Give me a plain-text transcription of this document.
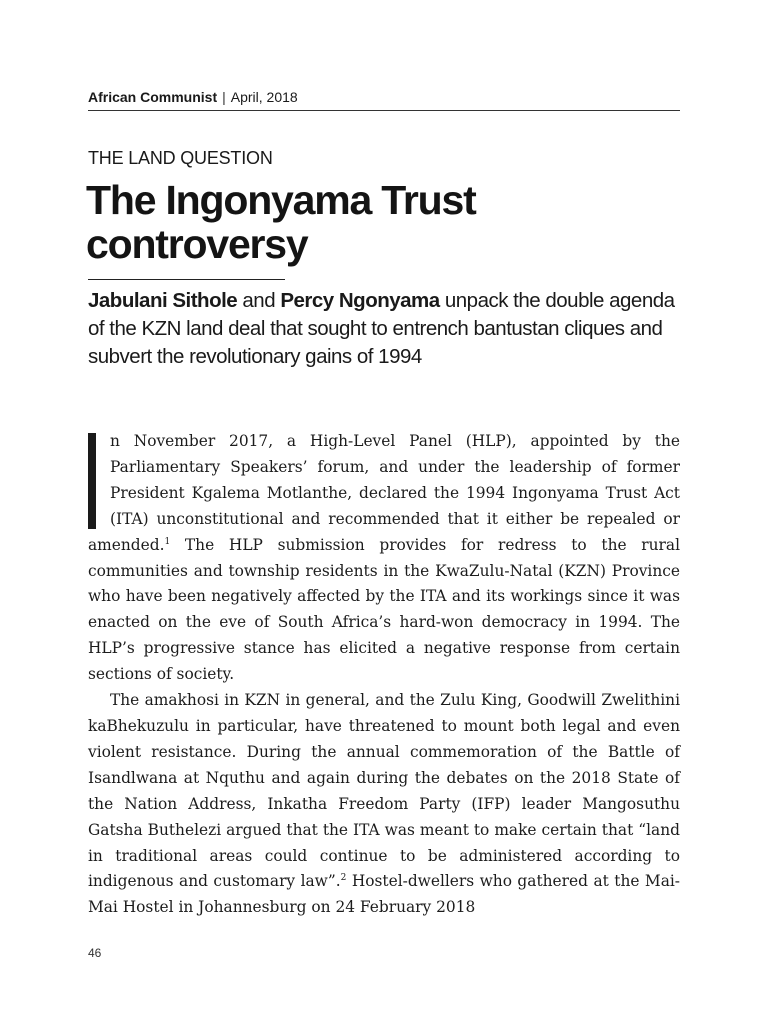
African Communist | April, 2018
THE LAND QUESTION
The Ingonyama Trust controversy
Jabulani Sithole and Percy Ngonyama unpack the double agenda of the KZN land deal that sought to entrench bantustan cliques and subvert the revolutionary gains of 1994

n November 2017, a High-Level Panel (HLP), appointed by the Parliamentary Speakers’ forum, and under the leadership of former President Kgalema Motlanthe, declared the 1994 Ingonyama Trust Act (ITA) unconstitutional and recommended that it either be repealed or amended.$^1$ The HLP submission provides for redress to the rural communities and township residents in the KwaZulu-Natal (KZN) Province who have been negatively affected by the ITA and its workings since it was enacted on the eve of South Africa’s hard-won democracy in 1994. The HLP’s progressive stance has elicited a negative response from certain sections of society.

The amakhosi in KZN in general, and the Zulu King, Goodwill Zwelithini kaBhekuzulu in particular, have threatened to mount both legal and even violent resistance. During the annual commemoration of the Battle of Isandlwana at Nquthu and again during the debates on the 2018 State of the Nation Address, Inkatha Freedom Party (IFP) leader Mangosuthu Gatsha Buthelezi argued that the ITA was meant to make certain that “land in traditional areas could continue to be administered according to indigenous and customary law”.$^2$ Hostel-dwellers who gathered at the Mai-Mai Hostel in Johannesburg on 24 February 2018

46
